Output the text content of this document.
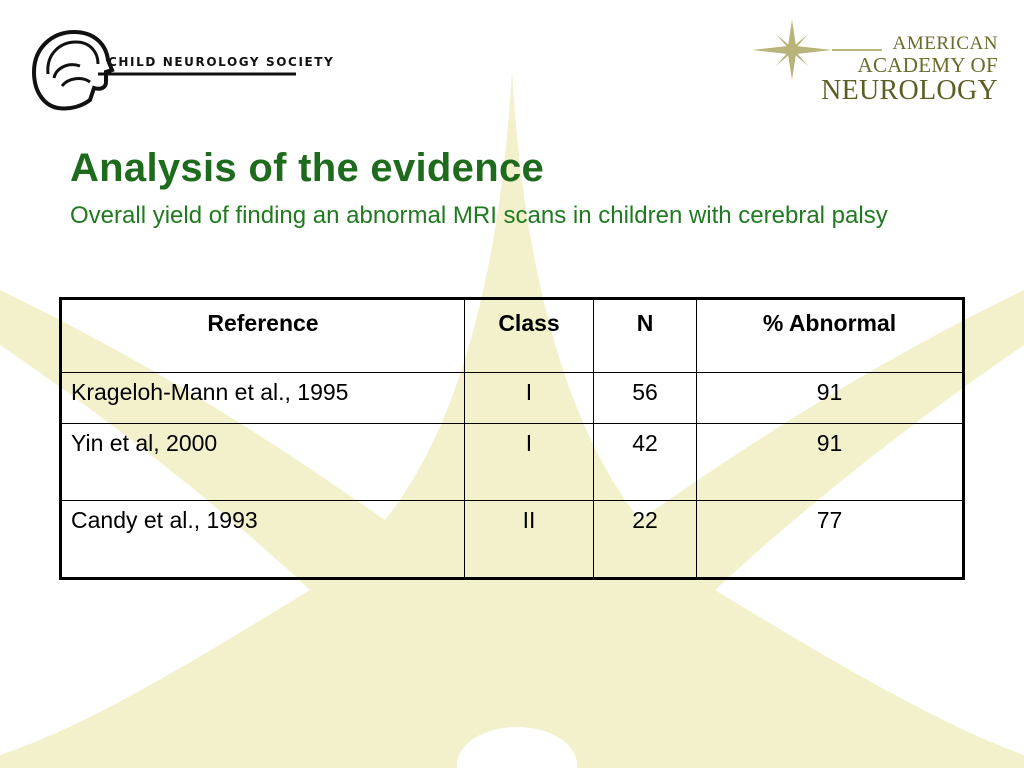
CHILD NEUROLOGY SOCIETY
AMERICAN
ACADEMY OF
NEUROLOGY
Analysis of the evidence

Overall yield of finding an abnormal MRI scans in children with cerebral palsy

Reference	Class	N	% Abnormal
Krageloh-Mann et al., 1995	I	56	91
Yin et al, 2000	I	42	91
Candy et al., 1993	II	22	77
